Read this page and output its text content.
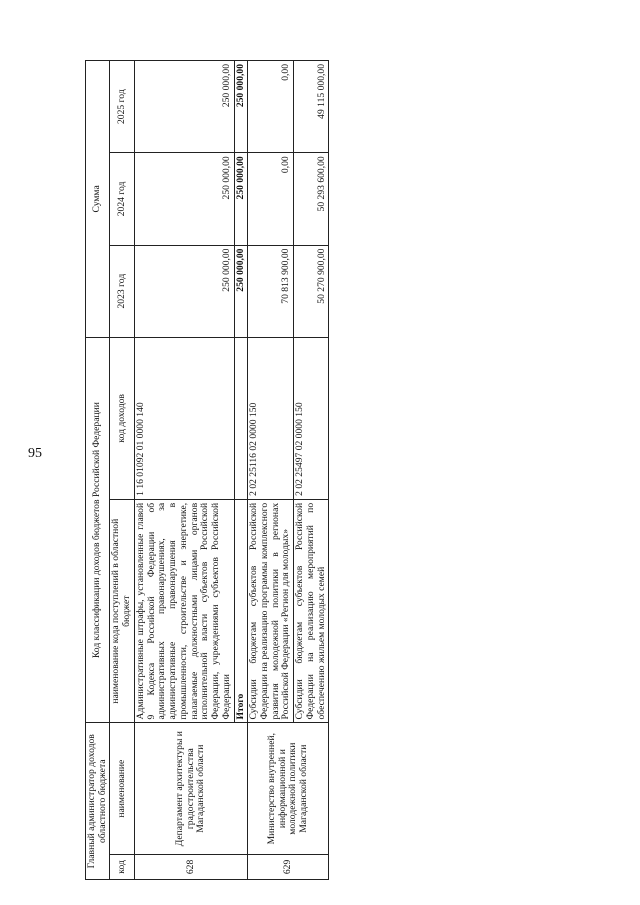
95
Главный администратор доходов областного бюджета		Код классификации доходов бюджетов Российской Федерации		Сумма		
код	наименование	наименование кода поступлений в областной бюджет	код доходов	2023 год	2024 год	2025 год
628	Департамент архитектуры и градостроительства Магаданской области	Административные штрафы, установленные главой 9 Кодекса Российской Федерации об административных правонарушениях, за административные правонарушения в промышленности, строительстве и энергетике, налагаемые должностными лицами органов исполнительной власти субъектов Российской Федерации, учреждениями субъектов Российской Федерации	1 16 01092 01 0000 140	250 000,00	250 000,00	250 000,00
		Итого		250 000,00	250 000,00	250 000,00
629	Министерство внутренней, информационной и молодежной политики Магаданской области	Субсидии бюджетам субъектов Российской Федерации на реализацию программы комплексного развития молодежной политики в регионах Российской Федерации «Регион для молодых»	2 02 25116 02 0000 150	70 813 900,00	0,00	0,00
		Субсидии бюджетам субъектов Российской Федерации на реализацию мероприятий по обеспечению жильем молодых семей	2 02 25497 02 0000 150	50 270 900,00	50 293 600,00	49 115 000,00
